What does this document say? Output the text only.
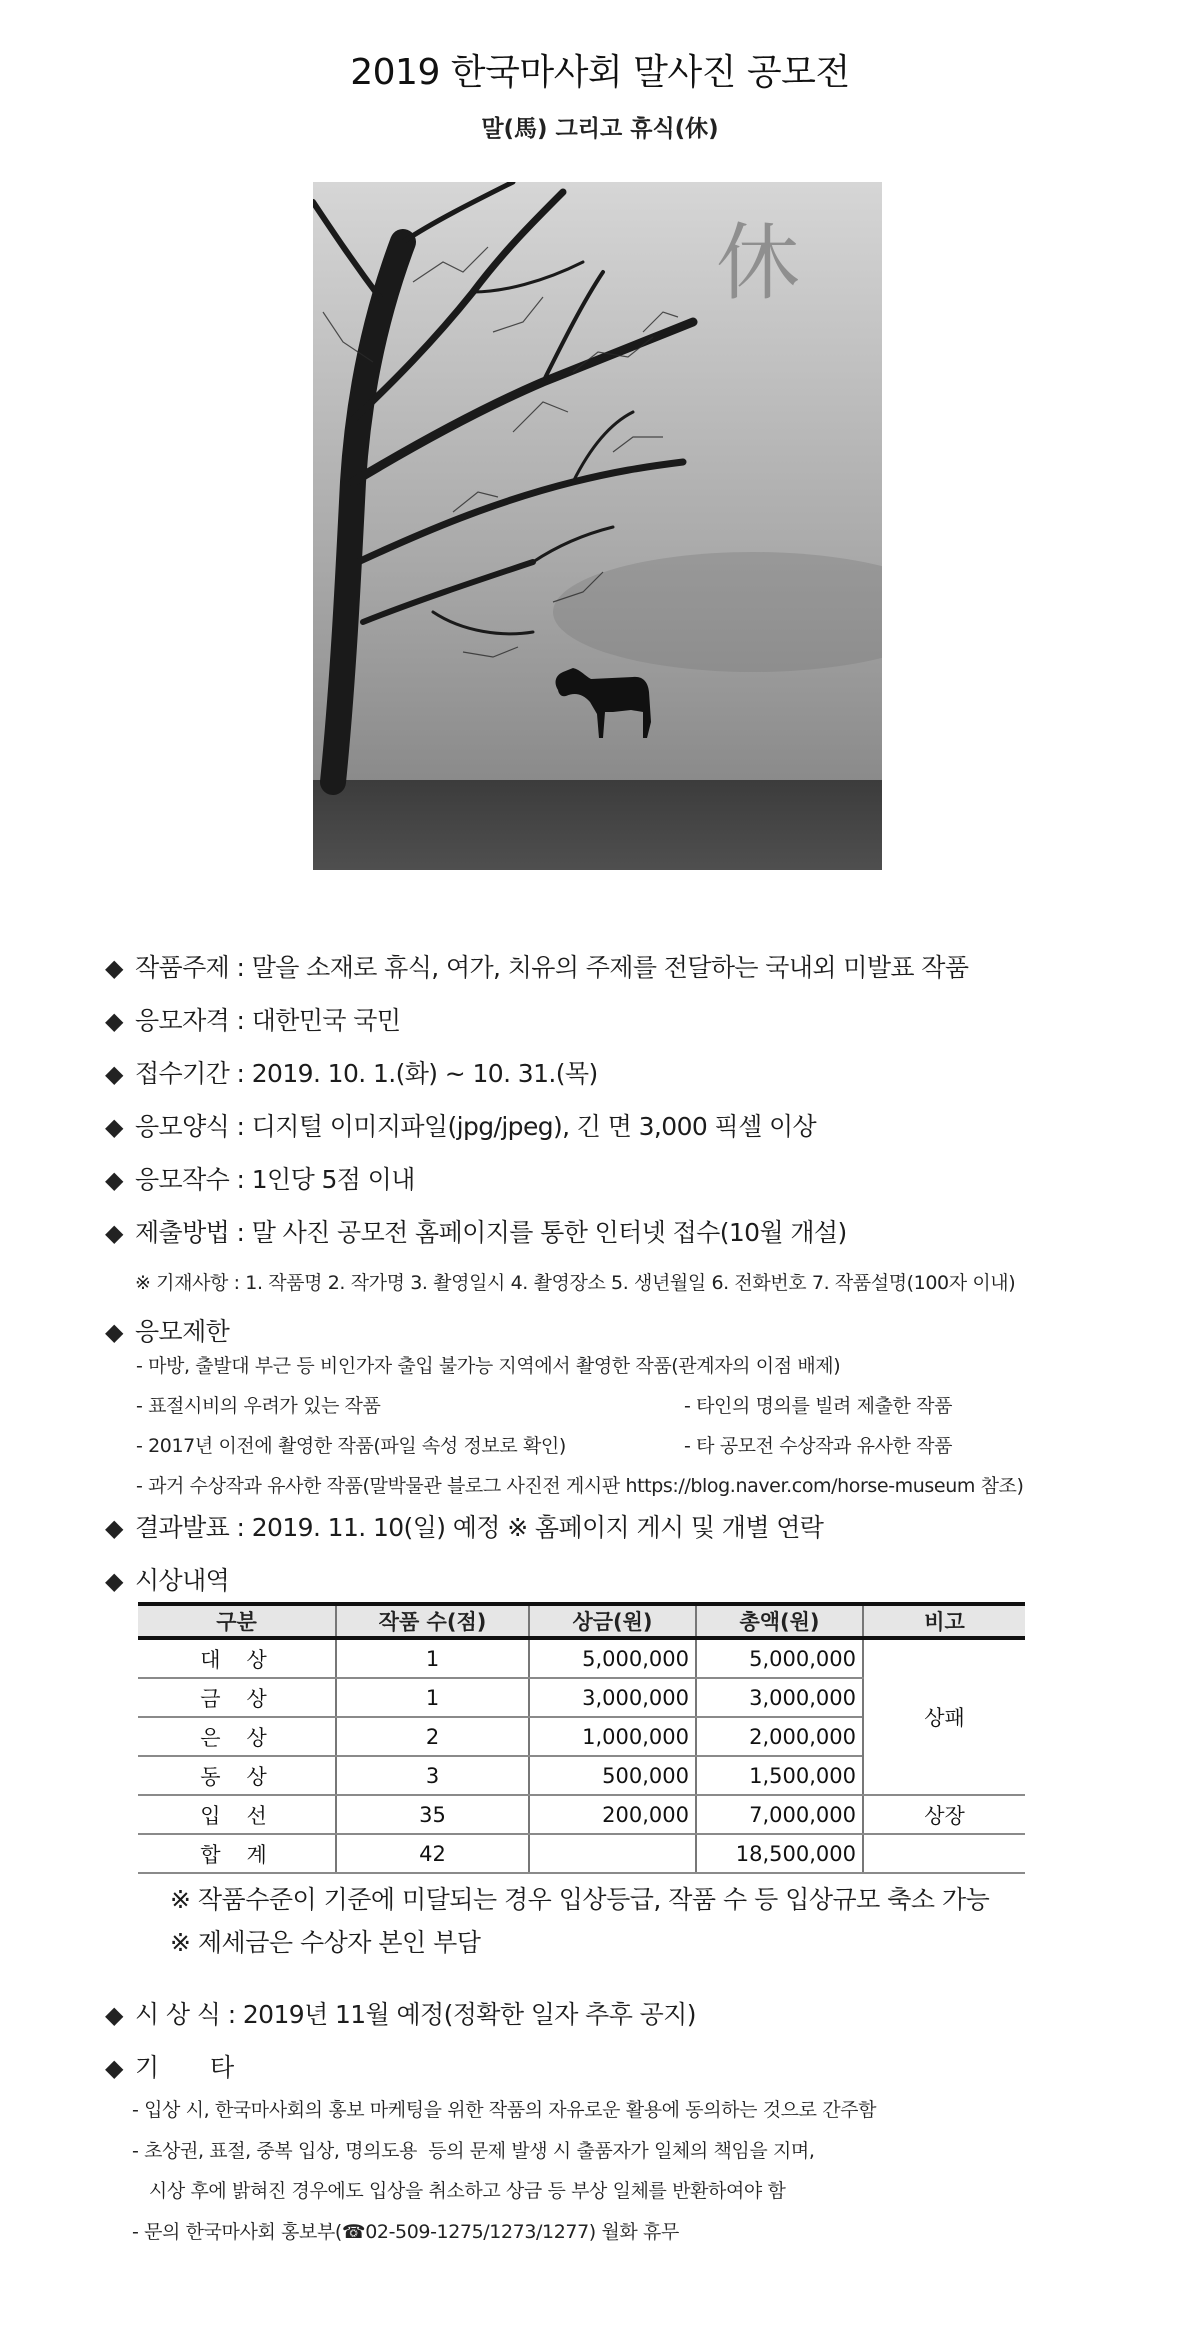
2019 한국마사회 말사진 공모전
말(馬) 그리고 휴식(休)
休
◆ 작품주제 : 말을 소재로 휴식, 여가, 치유의 주제를 전달하는 국내외 미발표 작품
◆ 응모자격 : 대한민국 국민
◆ 접수기간 : 2019. 10. 1.(화) ~ 10. 31.(목)
◆ 응모양식 : 디지털 이미지파일(jpg/jpeg), 긴 면 3,000 픽셀 이상
◆ 응모작수 : 1인당 5점 이내
◆ 제출방법 : 말 사진 공모전 홈페이지를 통한 인터넷 접수(10월 개설)
※ 기재사항 : 1. 작품명 2. 작가명 3. 촬영일시 4. 촬영장소 5. 생년월일 6. 전화번호 7. 작품설명(100자 이내)
◆ 응모제한
- 마방, 출발대 부근 등 비인가자 출입 불가능 지역에서 촬영한 작품(관계자의 이점 배제)
- 표절시비의 우려가 있는 작품	- 타인의 명의를 빌려 제출한 작품
- 2017년 이전에 촬영한 작품(파일 속성 정보로 확인)	- 타 공모전 수상작과 유사한 작품
- 과거 수상작과 유사한 작품(말박물관 블로그 사진전 게시판 https://blog.naver.com/horse-museum 참조)
◆ 결과발표 : 2019. 11. 10(일) 예정 ※ 홈페이지 게시 및 개별 연락
◆ 시상내역
구분	작품 수(점)	상금(원)	총액(원)	비고
대상	1	5,000,000	5,000,000	상패
금상	1	3,000,000	3,000,000	
은상	2	1,000,000	2,000,000	
동상	3	500,000	1,500,000	
입선	35	200,000	7,000,000	상장
합계	42		18,500,000	
※ 작품수준이 기준에 미달되는 경우 입상등급, 작품 수 등 입상규모 축소 가능
※ 제세금은 수상자 본인 부담
◆ 시 상 식 : 2019년 11월 예정(정확한 일자 추후 공지)
◆ 기       타
- 입상 시, 한국마사회의 홍보 마케팅을 위한 작품의 자유로운 활용에 동의하는 것으로 간주함
- 초상권, 표절, 중복 입상, 명의도용  등의 문제 발생 시 출품자가 일체의 책임을 지며,
시상 후에 밝혀진 경우에도 입상을 취소하고 상금 등 부상 일체를 반환하여야 함
- 문의 한국마사회 홍보부(☎02-509-1275/1273/1277) 월화 휴무
